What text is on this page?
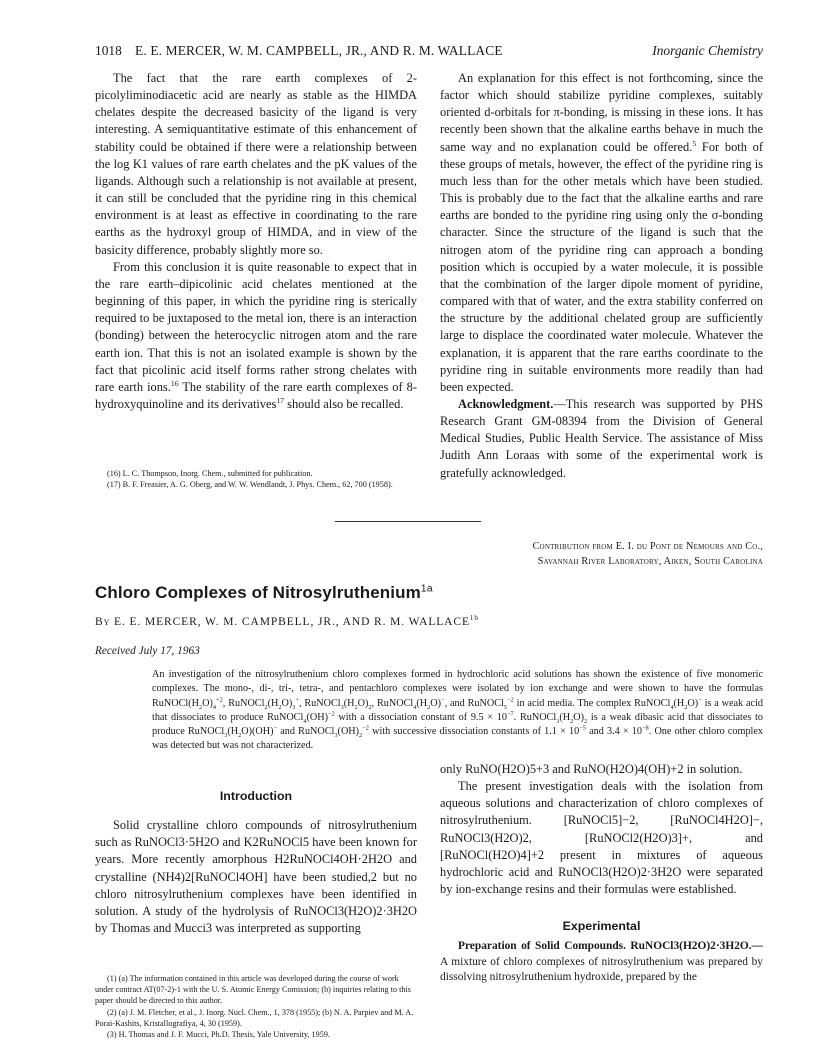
1018 E. E. MERCER, W. M. CAMPBELL, JR., AND R. M. WALLACE	Inorganic Chemistry

The fact that the rare earth complexes of 2-picolyliminodiacetic acid are nearly as stable as the HIMDA chelates despite the decreased basicity of the ligand is very interesting. A semiquantitative estimate of this enhancement of stability could be obtained if there were a relationship between the log K1 values of rare earth chelates and the pK values of the ligands. Although such a relationship is not available at present, it can still be concluded that the pyridine ring in this chemical environment is at least as effective in coordinating to the rare earths as the hydroxyl group of HIMDA, and in view of the basicity difference, probably slightly more so.

From this conclusion it is quite reasonable to expect that in the rare earth–dipicolinic acid chelates mentioned at the beginning of this paper, in which the pyridine ring is sterically required to be juxtaposed to the metal ion, there is an interaction (bonding) between the heterocyclic nitrogen atom and the rare earth ion. That this is not an isolated example is shown by the fact that picolinic acid itself forms rather strong chelates with rare earth ions.$^{16}$ The stability of the rare earth complexes of 8-hydroxyquinoline and its derivatives$^{17}$ should also be recalled.

(16) L. C. Thompson, Inorg. Chem., submitted for publication.
(17) B. F. Freasier, A. G. Oberg, and W. W. Wendlandt, J. Phys. Chem., 62, 700 (1958).

An explanation for this effect is not forthcoming, since the factor which should stabilize pyridine complexes, suitably oriented d-orbitals for π-bonding, is missing in these ions. It has recently been shown that the alkaline earths behave in much the same way and no explanation could be offered.$^5$ For both of these groups of metals, however, the effect of the pyridine ring is much less than for the other metals which have been studied. This is probably due to the fact that the alkaline earths and rare earths are bonded to the pyridine ring using only the σ-bonding character. Since the structure of the ligand is such that the nitrogen atom of the pyridine ring can approach a bonding position which is occupied by a water molecule, it is possible that the combination of the larger dipole moment of pyridine, compared with that of water, and the extra stability conferred on the structure by the additional chelated group are sufficiently large to displace the coordinated water molecule. Whatever the explanation, it is apparent that the rare earths coordinate to the pyridine ring in suitable environments more readily than had been expected.

Acknowledgment.—This research was supported by PHS Research Grant GM-08394 from the Division of General Medical Studies, Public Health Service. The assistance of Miss Judith Ann Loraas with some of the experimental work is gratefully acknowledged.

Contribution from E. I. du Pont de Nemours and Co.,
Savannah River Laboratory, Aiken, South Carolina
Chloro Complexes of Nitrosylruthenium$^{1a}$
By E. E. MERCER, W. M. CAMPBELL, JR., AND R. M. $WALLACE^{1b}$
Received July 17, 1963
An investigation of the nitrosylruthenium chloro complexes formed in hydrochloric acid solutions has shown the existence of five monomeric complexes. The mono-, di-, tri-, tetra-, and pentachloro complexes were isolated by ion exchange and were shown to have the formulas $RuNOCl(H_2O)_4^{+2}$, $RuNOCl_2(H_2O)_3^+$, $RuNOCl_3(H_2O)_2$, $RuNOCl_4(H_2O)^-$, and RuNOCl$_5^{-2}$ in acid media. The complex $RuNOCl_4(H_2O)^-$ is a weak acid that dissociates to produce RuNOCl$_4$(OH)$^{-2}$ with a dissociation constant of $9.5 \times 10^{-7}$. $RuNOCl_3(H_2O)_2$ is a weak dibasic acid that dissociates to produce $RuNOCl_3(H_2O)(OH)^-$ and $RuNOCl_3(OH)_2^{-2}$ with successive dissociation constants of $1.1 \times 10^{-5}$ and $3.4 \times 10^{-8}$. One other chloro complex was detected but was not characterized.
Introduction

Solid crystalline chloro compounds of nitrosylruthenium such as RuNOCl3·5H2O and K2RuNOCl5 have been known for years. More recently amorphous H2RuNOCl4OH·2H2O and crystalline (NH4)2[RuNOCl4OH] have been studied,2 but no chloro nitrosylruthenium complexes have been identified in solution. A study of the hydrolysis of RuNOCl3(H2O)2·3H2O by Thomas and Mucci3 was interpreted as supporting

(1) (a) The information contained in this article was developed during the course of work under contract AT(07-2)-1 with the U. S. Atomic Energy Comission; (b) inquiries relating to this paper should be directed to this author.
(2) (a) J. M. Fletcher, et al., J. Inorg. Nucl. Chem., 1, 378 (1955); (b) N. A. Parpiev and M. A. Porai-Kashits, Kristallografiya, 4, 30 (1959).
(3) H. Thomas and J. F. Mucci, Ph.D. Thesis, Yale University, 1959.

only RuNO(H2O)5+3 and RuNO(H2O)4(OH)+2 in solution.

The present investigation deals with the isolation from aqueous solutions and characterization of chloro complexes of nitrosylruthenium. [RuNOCl5]−2, [RuNOCl4H2O]−, RuNOCl3(H2O)2, [RuNOCl2(H2O)3]+, and [RuNOCl(H2O)4]+2 present in mixtures of aqueous hydrochloric acid and RuNOCl3(H2O)2·3H2O were separated by ion-exchange resins and their formulas were established.

Experimental

Preparation of Solid Compounds. RuNOCl3(H2O)2·3H2O.— A mixture of chloro complexes of nitrosylruthenium was prepared by dissolving nitrosylruthenium hydroxide, prepared by the
